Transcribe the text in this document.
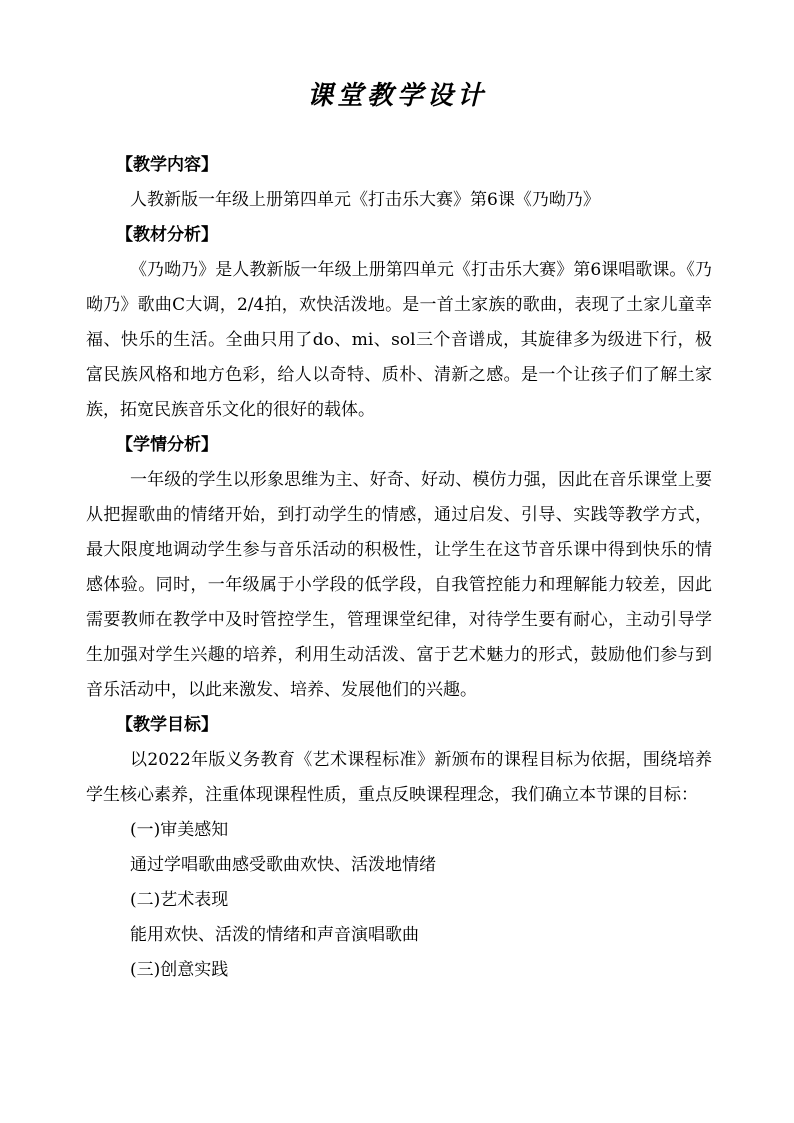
课堂教学设计

【教学内容】

人教新版一年级上册第四单元《打击乐大赛》第6课《乃呦乃》

【教材分析】

《乃呦乃》是人教新版一年级上册第四单元《打击乐大赛》第6课唱歌课。《乃呦乃》歌曲C大调，2/4拍，欢快活泼地。是一首土家族的歌曲，表现了土家儿童幸福、快乐的生活。全曲只用了do、mi、sol三个音谱成，其旋律多为级进下行，极富民族风格和地方色彩，给人以奇特、质朴、清新之感。是一个让孩子们了解土家族，拓宽民族音乐文化的很好的载体。

【学情分析】

一年级的学生以形象思维为主、好奇、好动、模仿力强，因此在音乐课堂上要从把握歌曲的情绪开始，到打动学生的情感，通过启发、引导、实践等教学方式，最大限度地调动学生参与音乐活动的积极性，让学生在这节音乐课中得到快乐的情感体验。同时，一年级属于小学段的低学段，自我管控能力和理解能力较差，因此需要教师在教学中及时管控学生，管理课堂纪律，对待学生要有耐心，主动引导学生加强对学生兴趣的培养，利用生动活泼、富于艺术魅力的形式，鼓励他们参与到音乐活动中，以此来激发、培养、发展他们的兴趣。

【教学目标】

以2022年版义务教育《艺术课程标准》新颁布的课程目标为依据，围绕培养学生核心素养，注重体现课程性质，重点反映课程理念，我们确立本节课的目标：

(一)审美感知

通过学唱歌曲感受歌曲欢快、活泼地情绪

(二)艺术表现

能用欢快、活泼的情绪和声音演唱歌曲

(三)创意实践
